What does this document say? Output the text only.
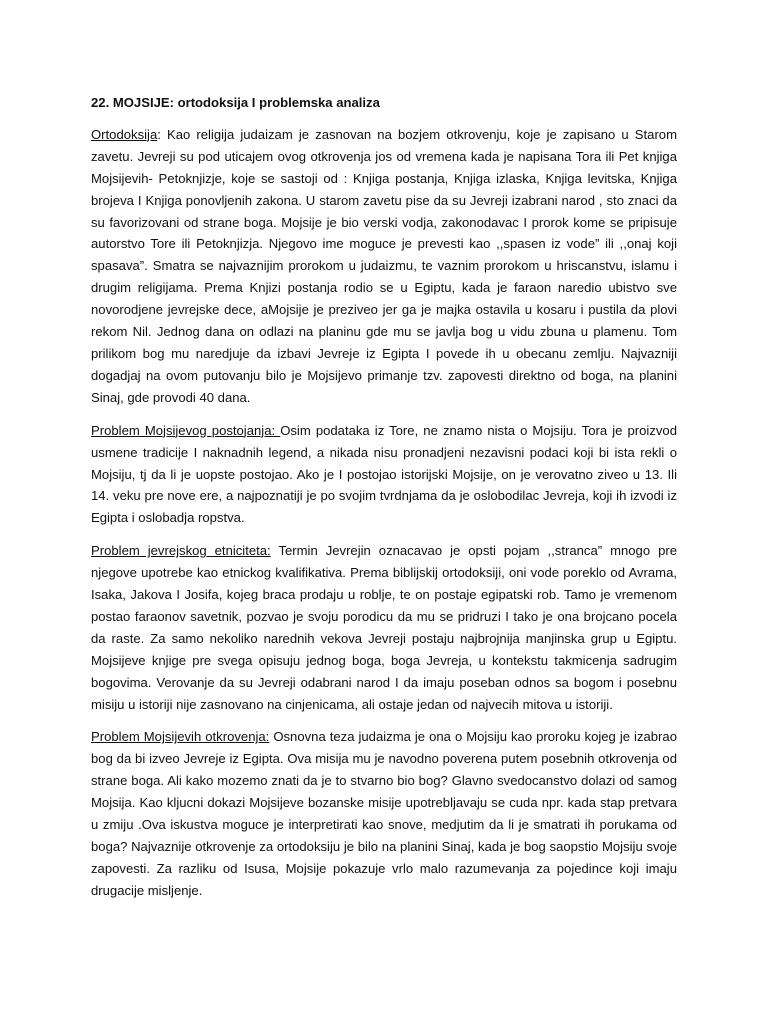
22. MOJSIJE: ortodoksija I problemska analiza

Ortodoksija: Kao religija judaizam je zasnovan na bozjem otkrovenju, koje je zapisano u Starom zavetu. Jevreji su pod uticajem ovog otkrovenja jos od vremena kada je napisana Tora ili Pet knjiga Mojsijevih- Petoknjizje, koje se sastoji od : Knjiga postanja, Knjiga izlaska, Knjiga levitska, Knjiga brojeva I Knjiga ponovljenih zakona. U starom zavetu pise da su Jevreji izabrani narod , sto znaci da su favorizovani od strane boga. Mojsije je bio verski vodja, zakonodavac I prorok kome se pripisuje autorstvo Tore ili Petoknjizja. Njegovo ime moguce je prevesti kao ,,spasen iz vode” ili ,,onaj koji spasava”. Smatra se najvaznijim prorokom u judaizmu, te vaznim prorokom u hriscanstvu, islamu i drugim religijama. Prema Knjizi postanja rodio se u Egiptu, kada je faraon naredio ubistvo sve novorodjene jevrejske dece, aMojsije je preziveo jer ga je majka ostavila u kosaru i pustila da plovi rekom Nil. Jednog dana on odlazi na planinu gde mu se javlja bog u vidu zbuna u plamenu. Tom prilikom bog mu naredjuje da izbavi Jevreje iz Egipta I povede ih u obecanu zemlju. Najvazniji dogadjaj na ovom putovanju bilo je Mojsijevo primanje tzv. zapovesti direktno od boga, na planini Sinaj, gde provodi 40 dana.

Problem Mojsijevog postojanja: Osim podataka iz Tore, ne znamo nista o Mojsiju. Tora je proizvod usmene tradicije I naknadnih legend, a nikada nisu pronadjeni nezavisni podaci koji bi ista rekli o Mojsiju, tj da li je uopste postojao. Ako je I postojao istorijski Mojsije, on je verovatno ziveo u 13. Ili 14. veku pre nove ere, a najpoznatiji je po svojim tvrdnjama da je oslobodilac Jevreja, koji ih izvodi iz Egipta i oslobadja ropstva.

Problem jevrejskog etniciteta: Termin Jevrejin oznacavao je opsti pojam ,,stranca” mnogo pre njegove upotrebe kao etnickog kvalifikativa. Prema biblijskij ortodoksiji, oni vode poreklo od Avrama, Isaka, Jakova I Josifa, kojeg braca prodaju u roblje, te on postaje egipatski rob. Tamo je vremenom postao faraonov savetnik, pozvao je svoju porodicu da mu se pridruzi I tako je ona brojcano pocela da raste. Za samo nekoliko narednih vekova Jevreji postaju najbrojnija manjinska grup u Egiptu. Mojsijeve knjige pre svega opisuju jednog boga, boga Jevreja, u kontekstu takmicenja sadrugim bogovima. Verovanje da su Jevreji odabrani narod I da imaju poseban odnos sa bogom i posebnu misiju u istoriji nije zasnovano na cinjenicama, ali ostaje jedan od najvecih mitova u istoriji.

Problem Mojsijevih otkrovenja: Osnovna teza judaizma je ona o Mojsiju kao proroku kojeg je izabrao bog da bi izveo Jevreje iz Egipta. Ova misija mu je navodno poverena putem posebnih otkrovenja od strane boga. Ali kako mozemo znati da je to stvarno bio bog? Glavno svedocanstvo dolazi od samog Mojsija. Kao kljucni dokazi Mojsijeve bozanske misije upotrebljavaju se cuda npr. kada stap pretvara u zmiju .Ova iskustva moguce je interpretirati kao snove, medjutim da li je smatrati ih porukama od boga? Najvaznije otkrovenje za ortodoksiju je bilo na planini Sinaj, kada je bog saopstio Mojsiju svoje zapovesti. Za razliku od Isusa, Mojsije pokazuje vrlo malo razumevanja za pojedince koji imaju drugacije misljenje.
